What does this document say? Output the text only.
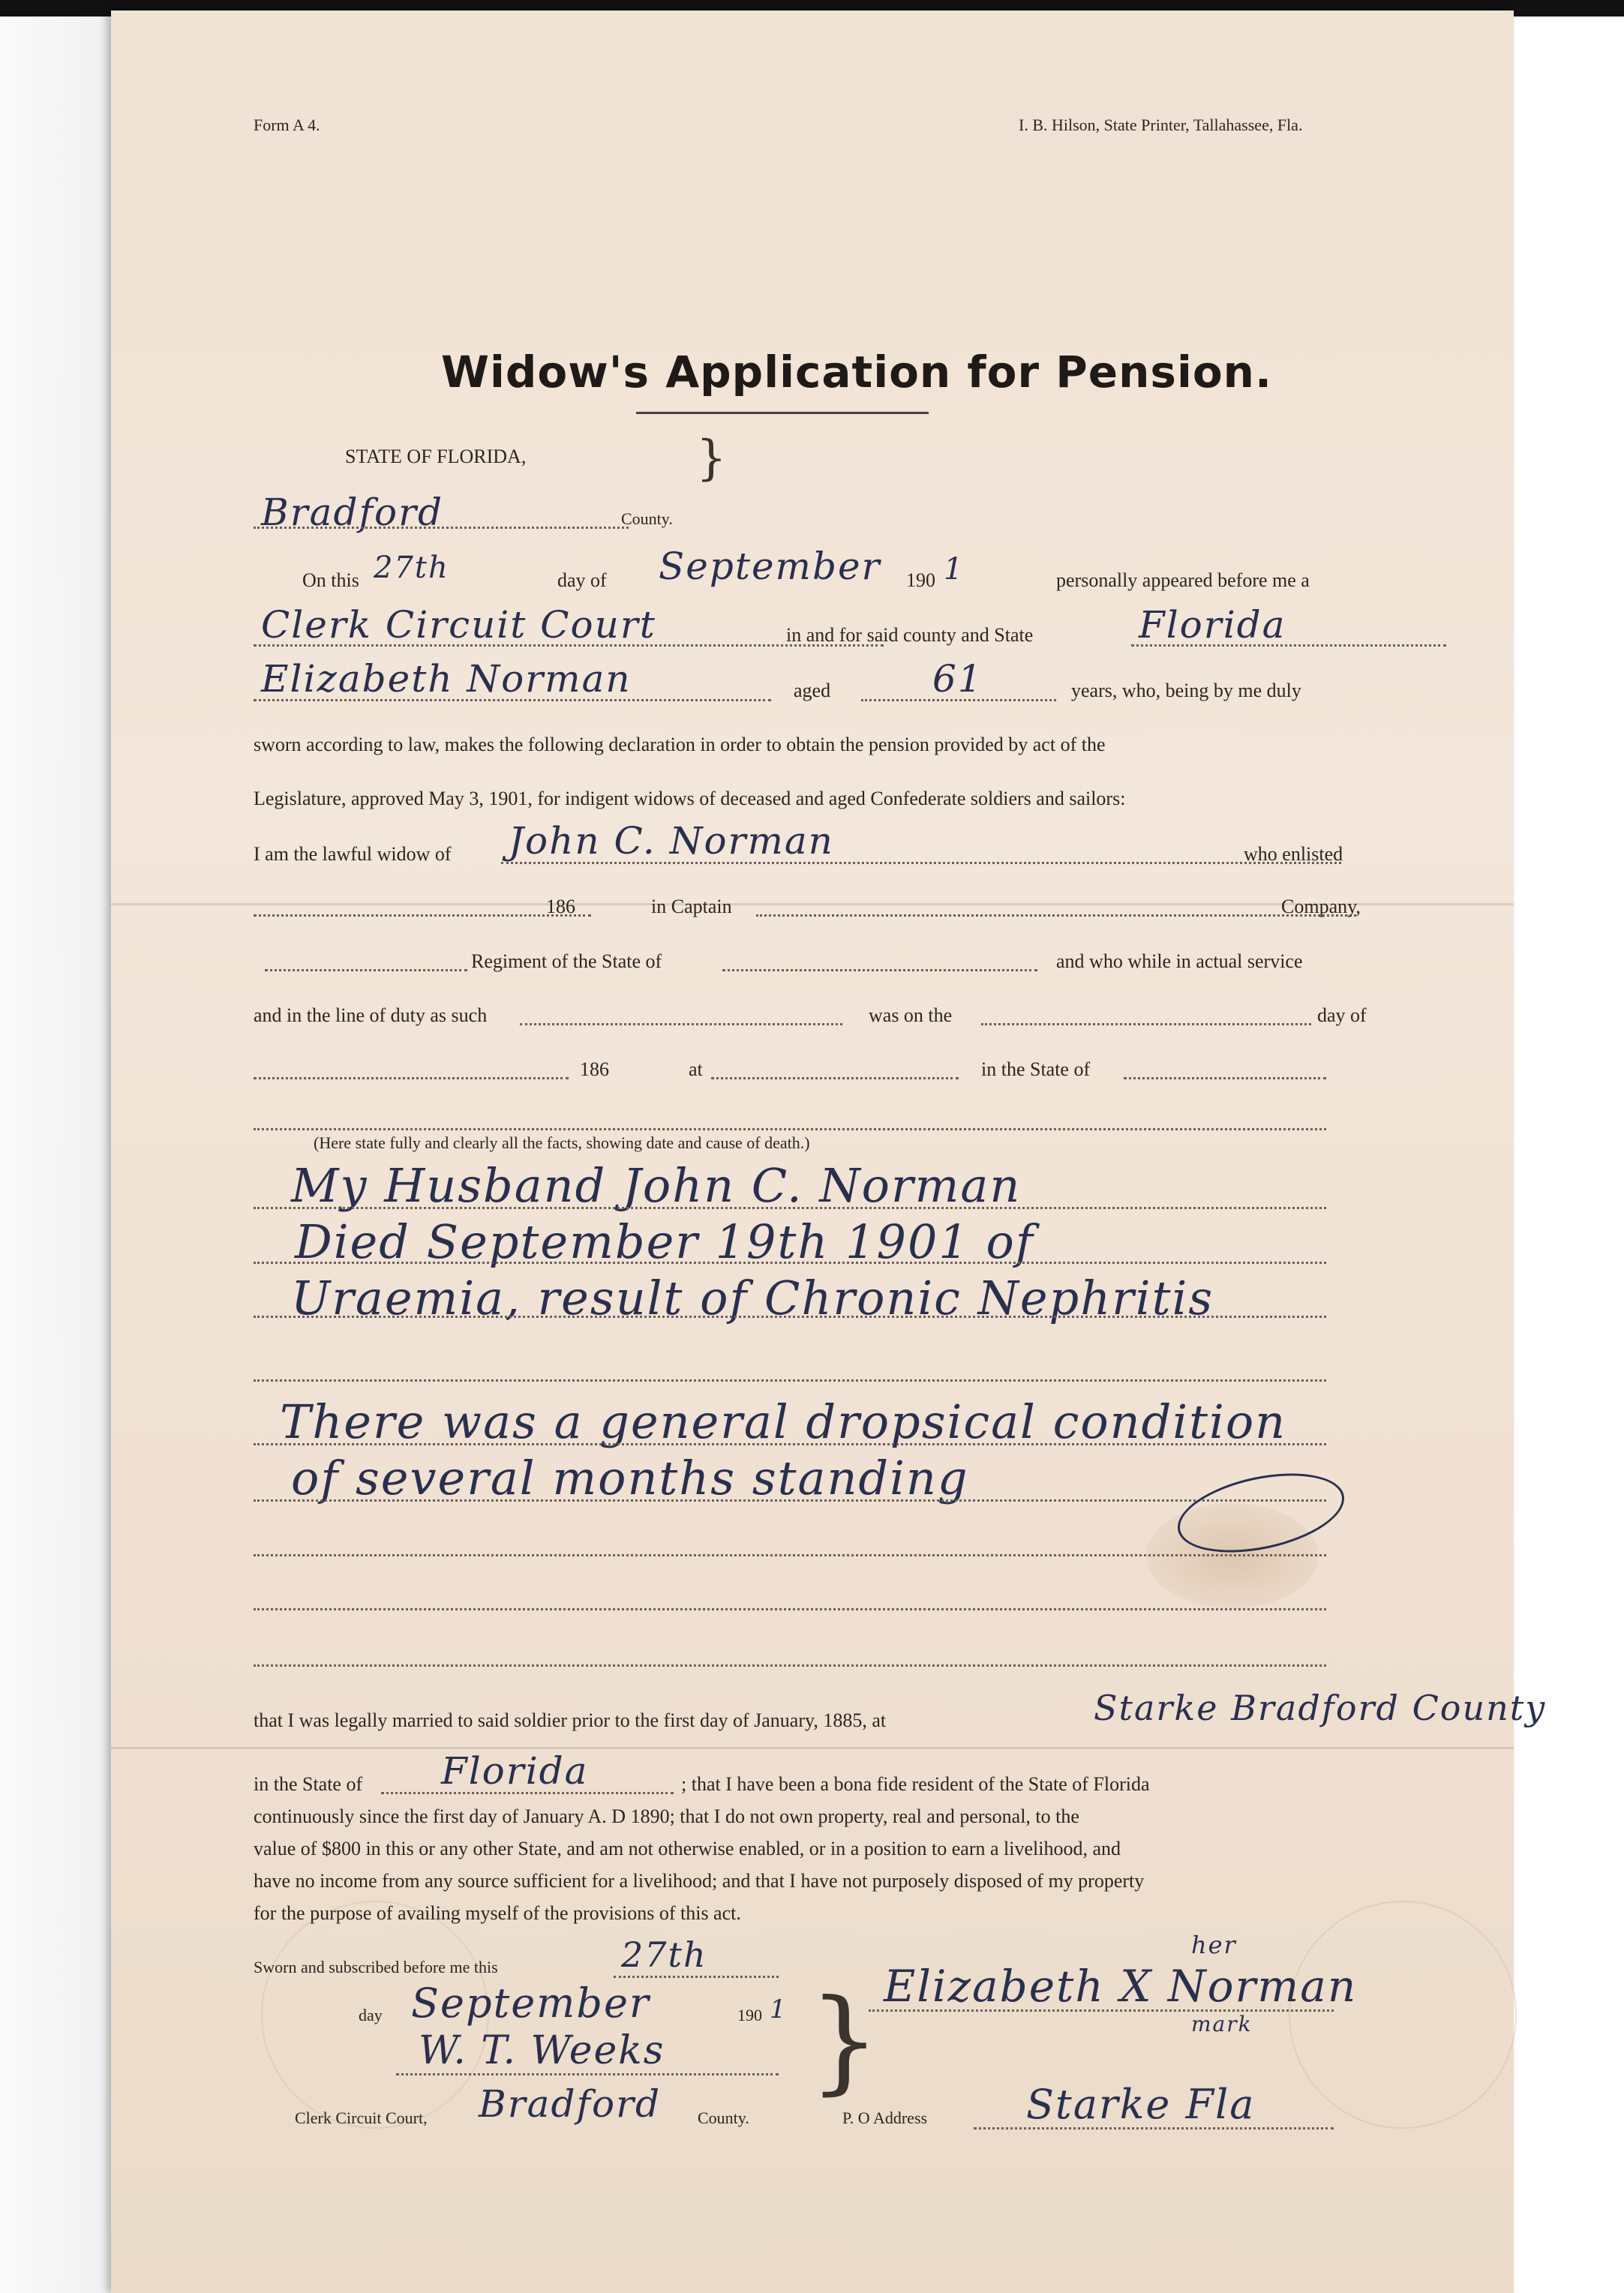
Form A 4.	I. B. Hilson, State Printer, Tallahassee, Fla.
Widow's Application for Pension.
STATE OF FLORIDA,	}
Bradford	County.
On this 27th	day of September 190 1	personally appeared before me a
Clerk Circuit Court	in and for said county and State	Florida
Elizabeth Norman	aged	61	years, who, being by me duly
sworn according to law, makes the following declaration in order to obtain the pension provided by act of the
Legislature, approved May 3, 1901, for indigent widows of deceased and aged Confederate soldiers and sailors:
I am the lawful widow of John C. Norman	who enlisted
186	in Captain	Company,
Regiment of the State of	and who while in actual service
and in the line of duty as such	was on the	day of
186	at	in the State of
(Here state fully and clearly all the facts, showing date and cause of death.)
My Husband John C. Norman
Died September 19th 1901 of
Uraemia, result of Chronic Nephritis
There was a general dropsical condition
of several months standing
that I was legally married to said soldier prior to the first day of January, 1885, at	Starke Bradford County
in the State of Florida	; that I have been a bona fide resident of the State of Florida
continuously since the first day of January A. D 1890; that I do not own property, real and personal, to the
value of $800 in this or any other State, and am not otherwise enabled, or in a position to earn a livelihood, and
have no income from any source sufficient for a livelihood; and that I have not purposely disposed of my property
for the purpose of availing myself of the provisions of this act.
Sworn and subscribed before me this	27th
day September	190 1
W. T. Weeks }
Clerk Circuit Court, Bradford County.
her
Elizabeth X Norman
mark
P. O Address Starke Fla
